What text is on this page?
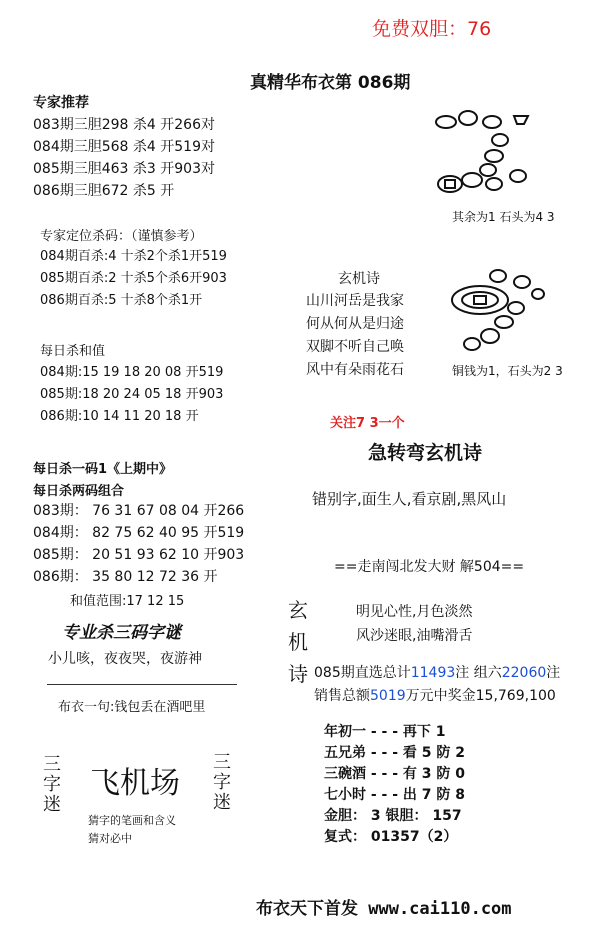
免费双胆：76
真精华布衣第 086期
专家推荐
083期三胆298 杀4 开266对
084期三胆568 杀4 开519对
085期三胆463 杀3 开903对
086期三胆672 杀5 开
专家定位杀码：（谨慎参考）
084期百杀:4 十杀2个杀1开519
085期百杀:2 十杀5个杀6开903
086期百杀:5 十杀8个杀1开
每日杀和值
084期:15 19 18 20 08 开519
085期:18 20 24 05 18 开903
086期:10 14 11 20 18 开
每日杀一码1《上期中》
每日杀两码组合
083期： 76 31 67 08 04 开266
084期： 82 75 62 40 95 开519
085期： 20 51 93 62 10 开903
086期： 35 80 12 72 36 开
和值范围:17 12 15
专业杀三码字谜
小儿咳，夜夜哭，夜游神
布衣一句:钱包丢在酒吧里
三字迷 飞机场 三字迷
猜字的笔画和含义
猜对必中
其余为1 石头为4 3
玄机诗
山川河岳是我家
何从何从是归途
双脚不听自己唤
风中有朵雨花石	铜钱为1，石头为2 3
关注7 3一个
急转弯玄机诗
错别字,面生人,看京剧,黑风山
==走南闯北发大财 解504==
玄
机
诗
明见心性,月色淡然
风沙迷眼,油嘴滑舌
085期直选总计11493注 组六22060注
销售总额5019万元中奖金15,769,100
年初一 - - - 再下 1
五兄弟 - - - 看 5 防 2
三碗酒 - - - 有 3 防 0
七小时 - - - 出 7 防 8
金胆： 3 银胆： 157
复式： 01357（2）
布衣天下首发 www.cai110.com
